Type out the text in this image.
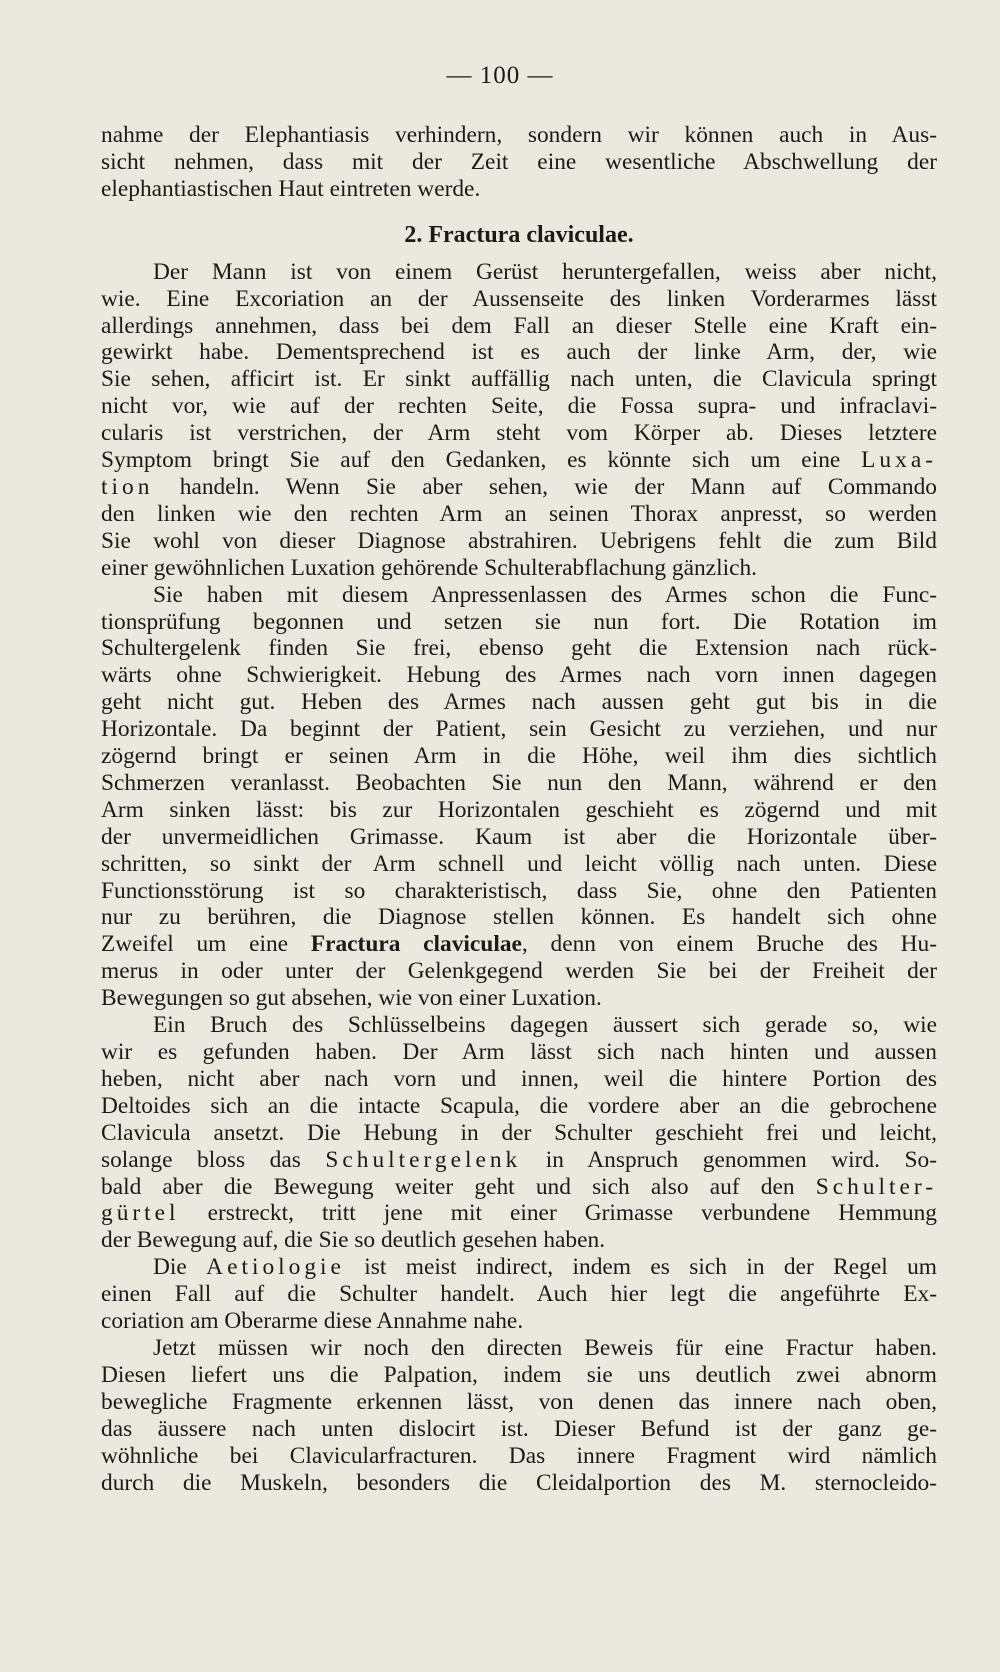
— 100 —

nahme der Elephantiasis verhindern, sondern wir können auch in Aus-
sicht nehmen, dass mit der Zeit eine wesentliche Abschwellung der
elephantiastischen Haut eintreten werde.

2. Fractura claviculae.

Der Mann ist von einem Gerüst heruntergefallen, weiss aber nicht,
wie. Eine Excoriation an der Aussenseite des linken Vorderarmes lässt
allerdings annehmen, dass bei dem Fall an dieser Stelle eine Kraft ein-
gewirkt habe. Dementsprechend ist es auch der linke Arm, der, wie
Sie sehen, afficirt ist. Er sinkt auffällig nach unten, die Clavicula springt
nicht vor, wie auf der rechten Seite, die Fossa supra- und infraclavi-
cularis ist verstrichen, der Arm steht vom Körper ab. Dieses letztere
Symptom bringt Sie auf den Gedanken, es könnte sich um eine Luxa-
tion handeln. Wenn Sie aber sehen, wie der Mann auf Commando
den linken wie den rechten Arm an seinen Thorax anpresst, so werden
Sie wohl von dieser Diagnose abstrahiren. Uebrigens fehlt die zum Bild
einer gewöhnlichen Luxation gehörende Schulterabflachung gänzlich.

Sie haben mit diesem Anpressenlassen des Armes schon die Func-
tionsprüfung begonnen und setzen sie nun fort. Die Rotation im
Schultergelenk finden Sie frei, ebenso geht die Extension nach rück-
wärts ohne Schwierigkeit. Hebung des Armes nach vorn innen dagegen
geht nicht gut. Heben des Armes nach aussen geht gut bis in die
Horizontale. Da beginnt der Patient, sein Gesicht zu verziehen, und nur
zögernd bringt er seinen Arm in die Höhe, weil ihm dies sichtlich
Schmerzen veranlasst. Beobachten Sie nun den Mann, während er den
Arm sinken lässt: bis zur Horizontalen geschieht es zögernd und mit
der unvermeidlichen Grimasse. Kaum ist aber die Horizontale über-
schritten, so sinkt der Arm schnell und leicht völlig nach unten. Diese
Functionsstörung ist so charakteristisch, dass Sie, ohne den Patienten
nur zu berühren, die Diagnose stellen können. Es handelt sich ohne
Zweifel um eine Fractura claviculae, denn von einem Bruche des Hu-
merus in oder unter der Gelenkgegend werden Sie bei der Freiheit der
Bewegungen so gut absehen, wie von einer Luxation.

Ein Bruch des Schlüsselbeins dagegen äussert sich gerade so, wie
wir es gefunden haben. Der Arm lässt sich nach hinten und aussen
heben, nicht aber nach vorn und innen, weil die hintere Portion des
Deltoides sich an die intacte Scapula, die vordere aber an die gebrochene
Clavicula ansetzt. Die Hebung in der Schulter geschieht frei und leicht,
solange bloss das Schultergelenk in Anspruch genommen wird. So-
bald aber die Bewegung weiter geht und sich also auf den Schulter-
gürtel erstreckt, tritt jene mit einer Grimasse verbundene Hemmung
der Bewegung auf, die Sie so deutlich gesehen haben.

Die Aetiologie ist meist indirect, indem es sich in der Regel um
einen Fall auf die Schulter handelt. Auch hier legt die angeführte Ex-
coriation am Oberarme diese Annahme nahe.

Jetzt müssen wir noch den directen Beweis für eine Fractur haben.
Diesen liefert uns die Palpation, indem sie uns deutlich zwei abnorm
bewegliche Fragmente erkennen lässt, von denen das innere nach oben,
das äussere nach unten dislocirt ist. Dieser Befund ist der ganz ge-
wöhnliche bei Clavicularfracturen. Das innere Fragment wird nämlich
durch die Muskeln, besonders die Cleidalportion des M. sternocleido-
